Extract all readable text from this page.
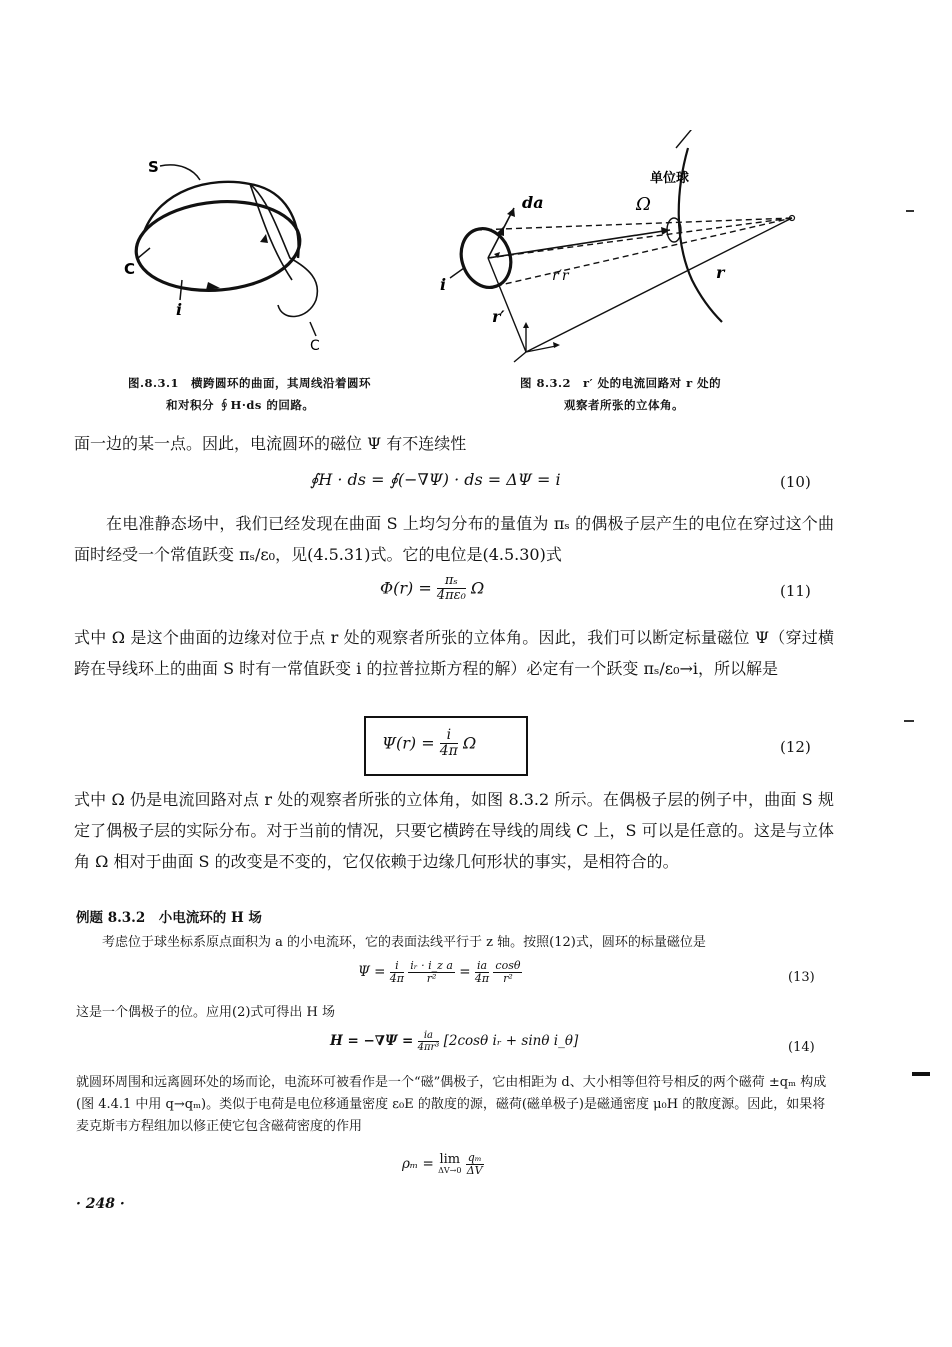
S
C
i
C
图.8.3.1　横跨圆环的曲面，其周线沿着圆环
和对积分 ∮H·ds 的回路。
da
单位球
Ω
i	r′r	r
r′
图 8.3.2　r′ 处的电流回路对 r 处的
观察者所张的立体角。
面一边的某一点。因此，电流圆环的磁位 Ψ 有不连续性
∮H · ds = ∮(−∇Ψ) · ds = ΔΨ = i	(10)
在电准静态场中，我们已经发现在曲面 S 上均匀分布的量值为 πₛ 的偶极子层产生的电位在穿过这个曲面时经受一个常值跃变 πₛ/ε₀，见(4.5.31)式。它的电位是(4.5.30)式
$\Phi(r) = \frac{\text{πₛ}}{\text{4πε₀}}$ Ω	(11)
式中 Ω 是这个曲面的边缘对位于点 r 处的观察者所张的立体角。因此，我们可以断定标量磁位 Ψ（穿过横跨在导线环上的曲面 S 时有一常值跃变 i 的拉普拉斯方程的解）必定有一个跃变 πₛ/ε₀→i，所以解是
$\Psi(r) = \frac{i}{4\pi}$ Ω	(12)
式中 Ω 仍是电流回路对点 r 处的观察者所张的立体角，如图 8.3.2 所示。在偶极子层的例子中，曲面 S 规定了偶极子层的实际分布。对于当前的情况，只要它横跨在导线的周线 C 上，S 可以是任意的。这是与立体角 Ω 相对于曲面 S 的改变是不变的，它仅依赖于边缘几何形状的事实，是相符合的。
例题 8.3.2　小电流环的 H 场
考虑位于球坐标系原点面积为 a 的小电流环，它的表面法线平行于 z 轴。按照(12)式，圆环的标量磁位是
$\Psi = \frac{i}{4\pi}$
$\frac{\text{iᵣ · i\_z a}}{\text{r²}} = \frac{ia}{4\pi}$
$\frac{\cos\theta}{\text{r²}}$	(13)
这是一个偶极子的位。应用(2)式可得出 H 场
$H = -\nabla\Psi = \frac{ia}{\text{4πr³}} [2\cos\theta$ iᵣ + sinθ i_θ]	(14)
就圆环周围和远离圆环处的场而论，电流环可被看作是一个“磁”偶极子，它由相距为 d、大小相等但符号相反的两个磁荷 ±qₘ 构成(图 4.4.1 中用 q→qₘ)。类似于电荷是电位移通量密度 ε₀E 的散度的源，磁荷(磁单极子)是磁通密度 μ₀H 的散度源。因此，如果将麦克斯韦方程组加以修正使它包含磁荷密度的作用
ρₘ = lim
ΔV→0
$\frac{\text{qₘ}}{\Delta V}$
· 248 ·
